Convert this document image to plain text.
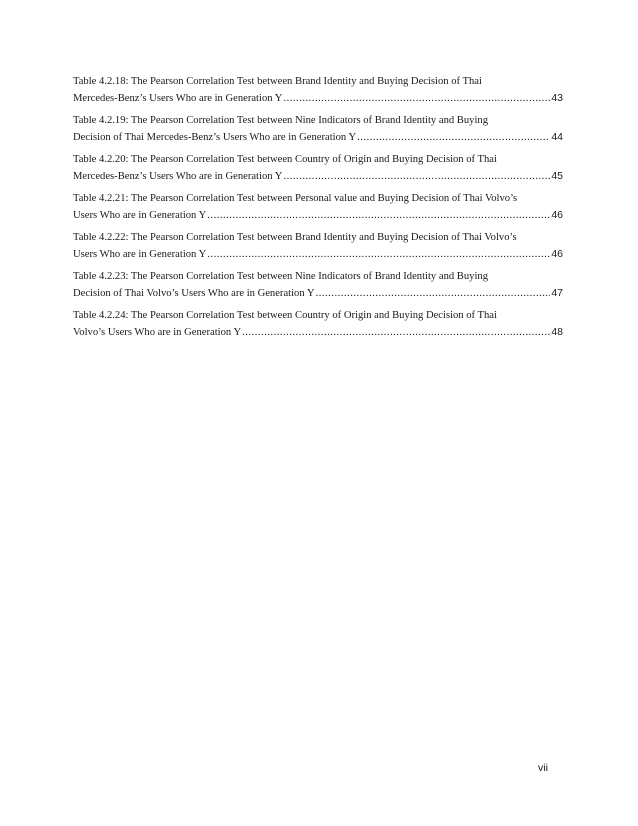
Table 4.2.18: The Pearson Correlation Test between Brand Identity and Buying Decision of Thai
Mercedes-Benz’s Users Who are in Generation Y .....	43
Table 4.2.19: The Pearson Correlation Test between Nine Indicators of Brand Identity and Buying
Decision of Thai Mercedes-Benz’s Users Who are in Generation Y .....	44
Table 4.2.20: The Pearson Correlation Test between Country of Origin and Buying Decision of Thai
Mercedes-Benz’s Users Who are in Generation Y .....	45
Table 4.2.21: The Pearson Correlation Test between Personal value and Buying Decision of Thai Volvo’s
Users Who are in Generation Y .....	46
Table 4.2.22: The Pearson Correlation Test between Brand Identity and Buying Decision of Thai Volvo’s
Users Who are in Generation Y .....	46
Table 4.2.23: The Pearson Correlation Test between Nine Indicators of Brand Identity and Buying
Decision of Thai Volvo’s Users Who are in Generation Y .....	47
Table 4.2.24: The Pearson Correlation Test between Country of Origin and Buying Decision of Thai
Volvo’s Users Who are in Generation Y .....	48
vii
